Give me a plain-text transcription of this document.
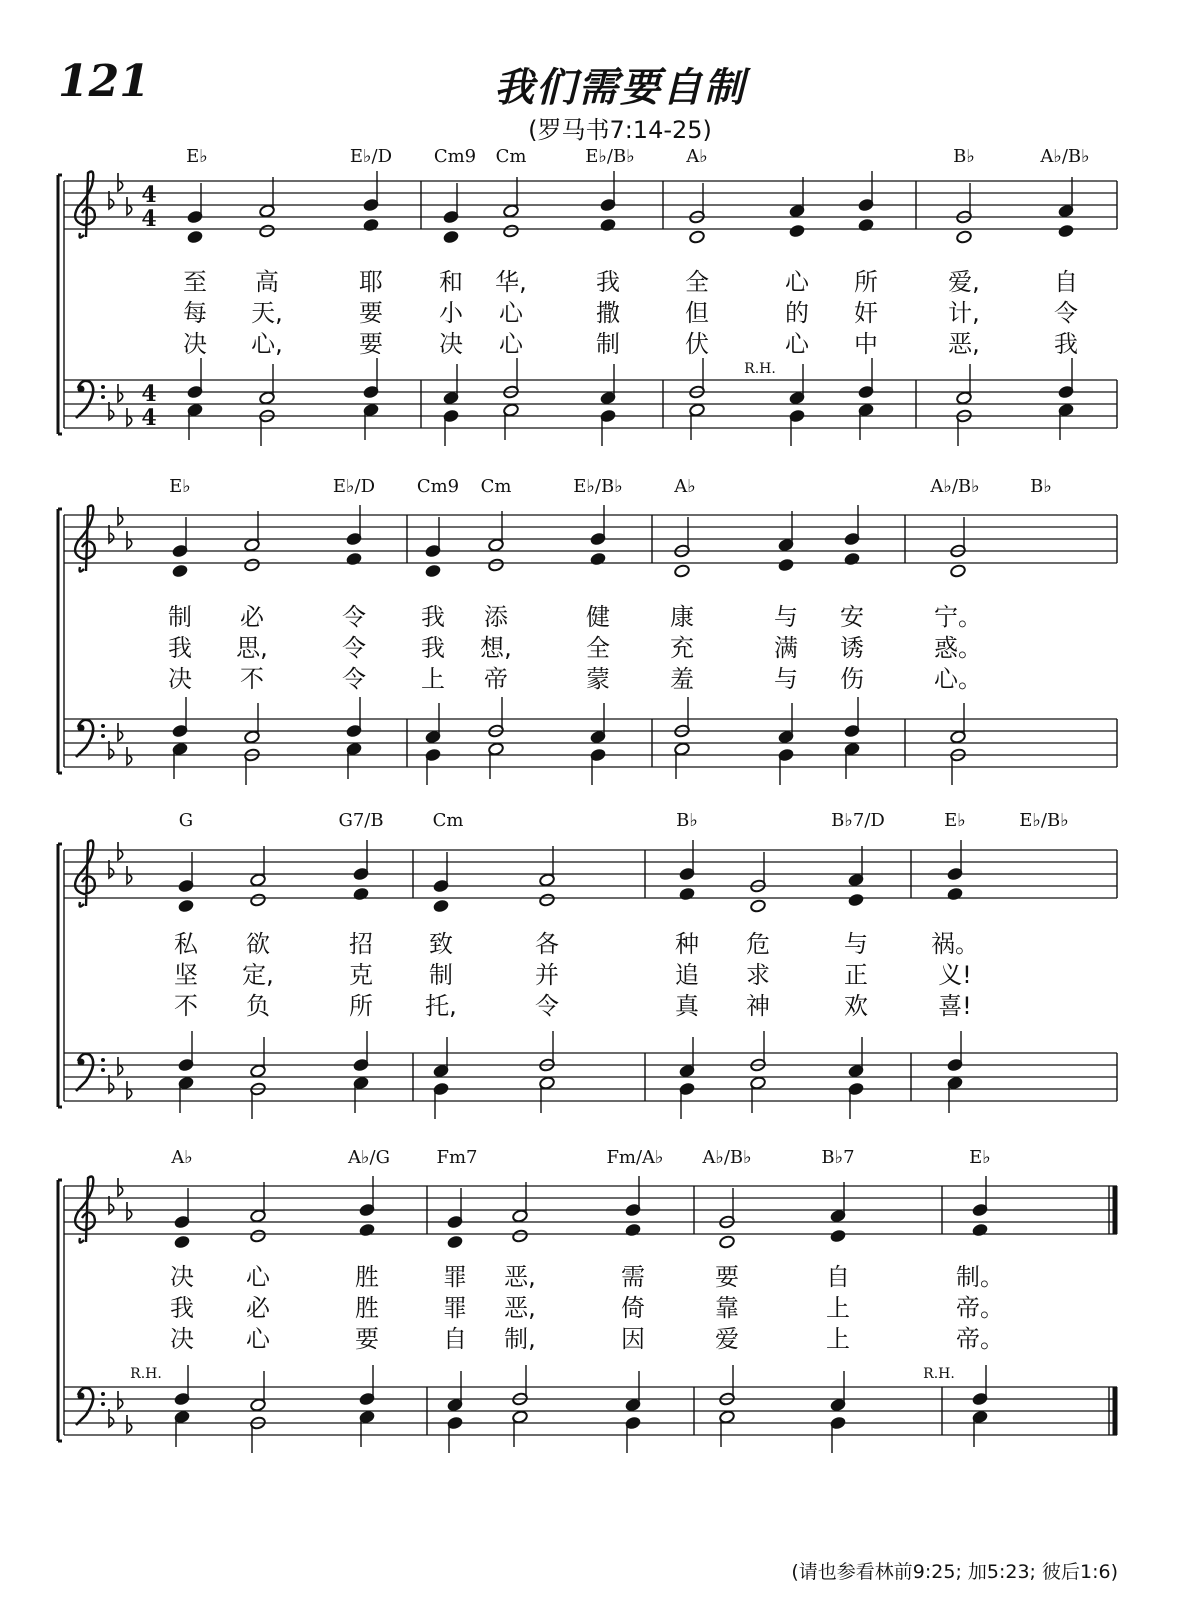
121	我们需要自制
(罗马书7:14-25)
4
4
4
4
E♭	E♭/D Cm9 Cm	E♭/B♭	A♭	B♭	A♭/B♭
至 高	耶 和 华,	我	全	心 所	爱,	自
每 天,	要 小 心	撒	但	的 奸	计,	令
决 心,	要 决 心	制	伏	心 中	恶,	我
R.H.
E♭	E♭/D Cm9 Cm	E♭/B♭	A♭	A♭/B♭	B♭
制 必	令 我 添	健	康	与 安	宁。
我 思,	令 我 想,	全	充	满 诱	惑。
决 不	令 上 帝	蒙	羞	与 伤	心。
G	G7/B	Cm	B♭	B♭7/D	E♭	E♭/B♭
私 欲	招 致	各	种 危	与	祸。
坚 定,	克 制	并	追 求	正	义!
不 负	所 托,	令	真 神	欢	喜!
A♭	A♭/G	Fm7	Fm/A♭ A♭/B♭	B♭7	E♭
决 心	胜	罪 恶,	需	要	自	制。
我 必	胜	罪 恶,	倚	靠	上	帝。
决 心	要	自 制,	因	爱	上	帝。
R.H.	R.H.
(请也参看林前9:25; 加5:23; 彼后1:6)
